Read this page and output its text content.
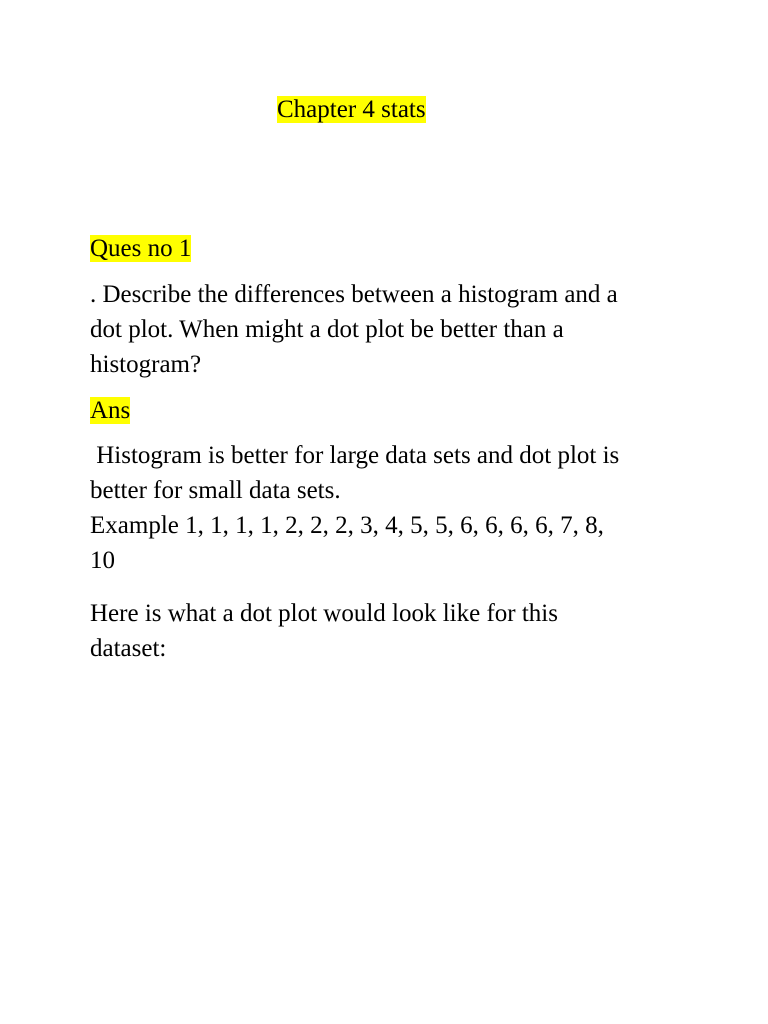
Chapter 4 stats
Ques no 1
. Describe the differences between a histogram and a
dot plot. When might a dot plot be better than a
histogram?
Ans
Histogram is better for large data sets and dot plot is
better for small data sets.
Example 1, 1, 1, 1, 2, 2, 2, 3, 4, 5, 5, 6, 6, 6, 6, 7, 8,
10
Here is what a dot plot would look like for this
dataset:
